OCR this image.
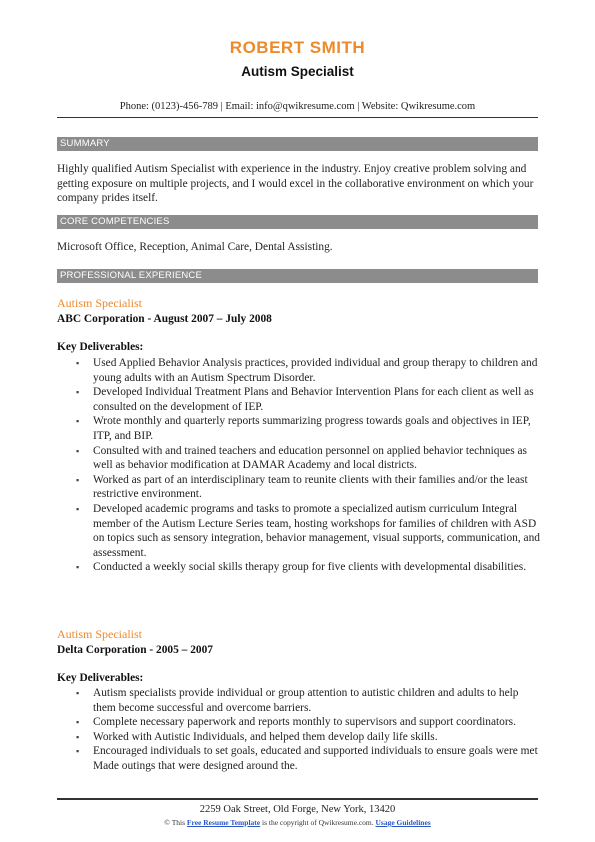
ROBERT SMITH
Autism Specialist
Phone: (0123)-456-789 | Email: info@qwikresume.com | Website: Qwikresume.com
SUMMARY
Highly qualified Autism Specialist with experience in the industry. Enjoy creative problem solving and getting exposure on multiple projects, and I would excel in the collaborative environment on which your company prides itself.
CORE COMPETENCIES
Microsoft Office, Reception, Animal Care, Dental Assisting.
PROFESSIONAL EXPERIENCE
Autism Specialist
ABC Corporation - August 2007 – July 2008
Key Deliverables:
▪ Used Applied Behavior Analysis practices, provided individual and group therapy to children and young adults with an Autism Spectrum Disorder.
▪ Developed Individual Treatment Plans and Behavior Intervention Plans for each client as well as consulted on the development of IEP.
▪ Wrote monthly and quarterly reports summarizing progress towards goals and objectives in IEP, ITP, and BIP.
▪ Consulted with and trained teachers and education personnel on applied behavior techniques as well as behavior modification at DAMAR Academy and local districts.
▪ Worked as part of an interdisciplinary team to reunite clients with their families and/or the least restrictive environment.
▪ Developed academic programs and tasks to promote a specialized autism curriculum Integral member of the Autism Lecture Series team, hosting workshops for families of children with ASD on topics such as sensory integration, behavior management, visual supports, communication, and assessment.
▪ Conducted a weekly social skills therapy group for five clients with developmental disabilities.
Autism Specialist
Delta Corporation - 2005 – 2007
Key Deliverables:
▪ Autism specialists provide individual or group attention to autistic children and adults to help them become successful and overcome barriers.
▪ Complete necessary paperwork and reports monthly to supervisors and support coordinators.
▪ Worked with Autistic Individuals, and helped them develop daily life skills.
▪ Encouraged individuals to set goals, educated and supported individuals to ensure goals were met Made outings that were designed around the.
2259 Oak Street, Old Forge, New York, 13420
© This Free Resume Template is the copyright of Qwikresume.com. Usage Guidelines
